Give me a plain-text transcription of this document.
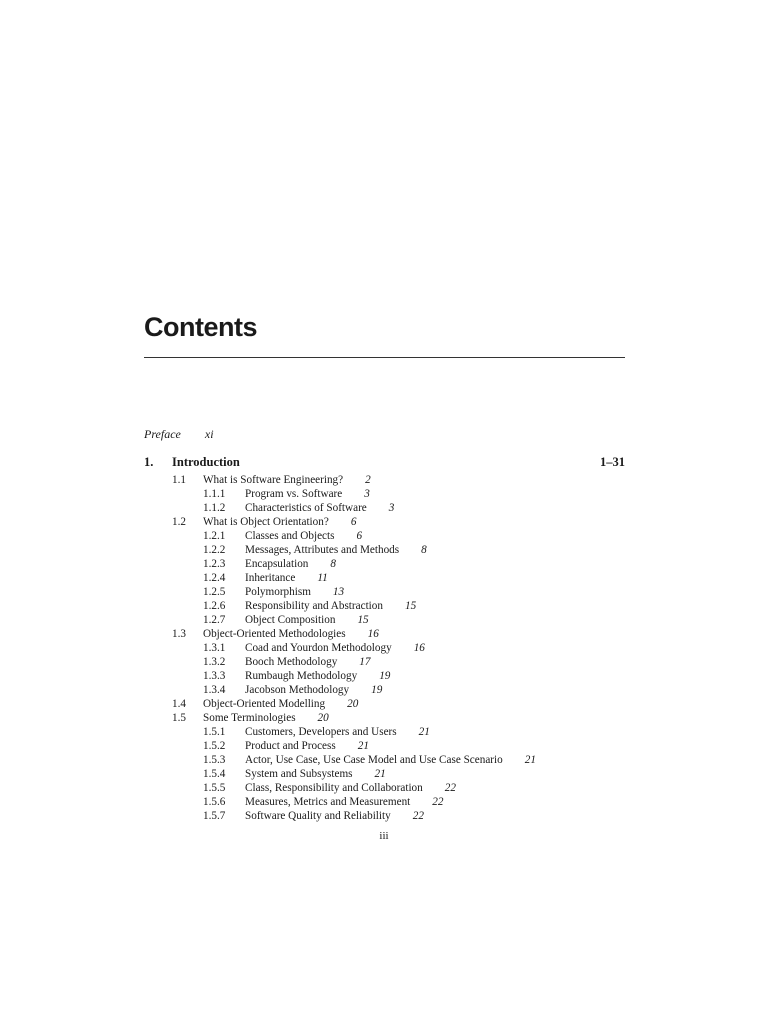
Contents
Preface xi
1. Introduction	1–31
1.1 What is Software Engineering? 2
1.1.1 Program vs. Software 3
1.1.2 Characteristics of Software 3
1.2 What is Object Orientation? 6
1.2.1 Classes and Objects 6
1.2.2 Messages, Attributes and Methods 8
1.2.3 Encapsulation 8
1.2.4 Inheritance 11
1.2.5 Polymorphism 13
1.2.6 Responsibility and Abstraction 15
1.2.7 Object Composition 15
1.3 Object-Oriented Methodologies 16
1.3.1 Coad and Yourdon Methodology 16
1.3.2 Booch Methodology 17
1.3.3 Rumbaugh Methodology 19
1.3.4 Jacobson Methodology 19
1.4 Object-Oriented Modelling 20
1.5 Some Terminologies 20
1.5.1 Customers, Developers and Users 21
1.5.2 Product and Process 21
1.5.3 Actor, Use Case, Use Case Model and Use Case Scenario 21
1.5.4 System and Subsystems 21
1.5.5 Class, Responsibility and Collaboration 22
1.5.6 Measures, Metrics and Measurement 22
1.5.7 Software Quality and Reliability 22
iii
